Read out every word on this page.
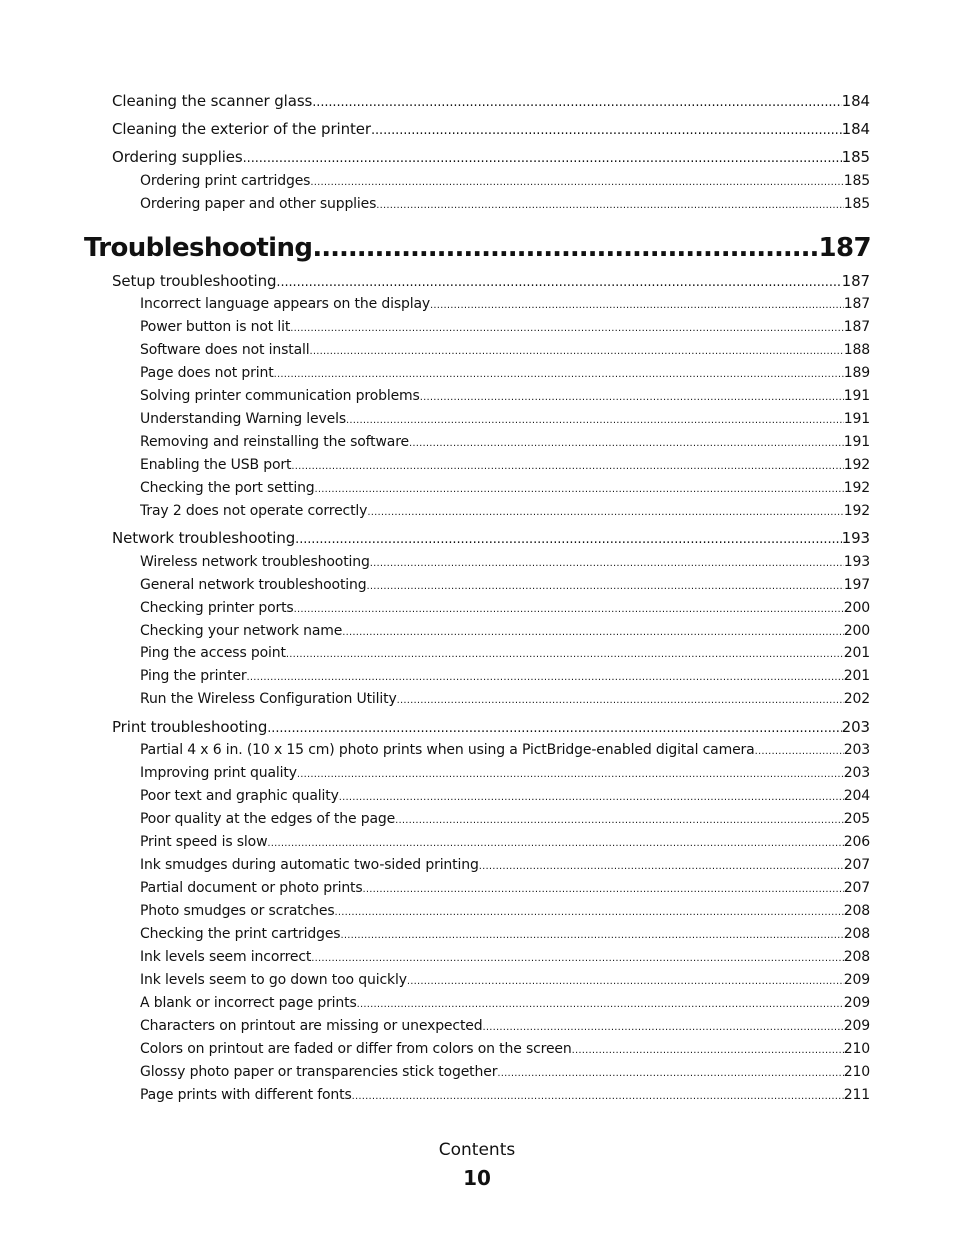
Cleaning the scanner glass .....	184
Cleaning the exterior of the printer .....	184
Ordering supplies .....	185
Ordering print cartridges .....	185
Ordering paper and other supplies .....	185
Troubleshooting .....	187
Setup troubleshooting .....	187
Incorrect language appears on the display .....	187
Power button is not lit .....	187
Software does not install .....	188
Page does not print .....	189
Solving printer communication problems .....	191
Understanding Warning levels .....	191
Removing and reinstalling the software .....	191
Enabling the USB port .....	192
Checking the port setting .....	192
Tray 2 does not operate correctly .....	192
Network troubleshooting .....	193
Wireless network troubleshooting .....	193
General network troubleshooting .....	197
Checking printer ports .....	200
Checking your network name .....	200
Ping the access point .....	201
Ping the printer .....	201
Run the Wireless Configuration Utility .....	202
Print troubleshooting .....	203
Partial 4 x 6 in. (10 x 15 cm) photo prints when using a PictBridge-enabled digital camera .....	203
Improving print quality .....	203
Poor text and graphic quality .....	204
Poor quality at the edges of the page .....	205
Print speed is slow .....	206
Ink smudges during automatic two-sided printing .....	207
Partial document or photo prints .....	207
Photo smudges or scratches .....	208
Checking the print cartridges .....	208
Ink levels seem incorrect .....	208
Ink levels seem to go down too quickly .....	209
A blank or incorrect page prints .....	209
Characters on printout are missing or unexpected .....	209
Colors on printout are faded or differ from colors on the screen .....	210
Glossy photo paper or transparencies stick together .....	210
Page prints with different fonts .....	211
Contents
10
